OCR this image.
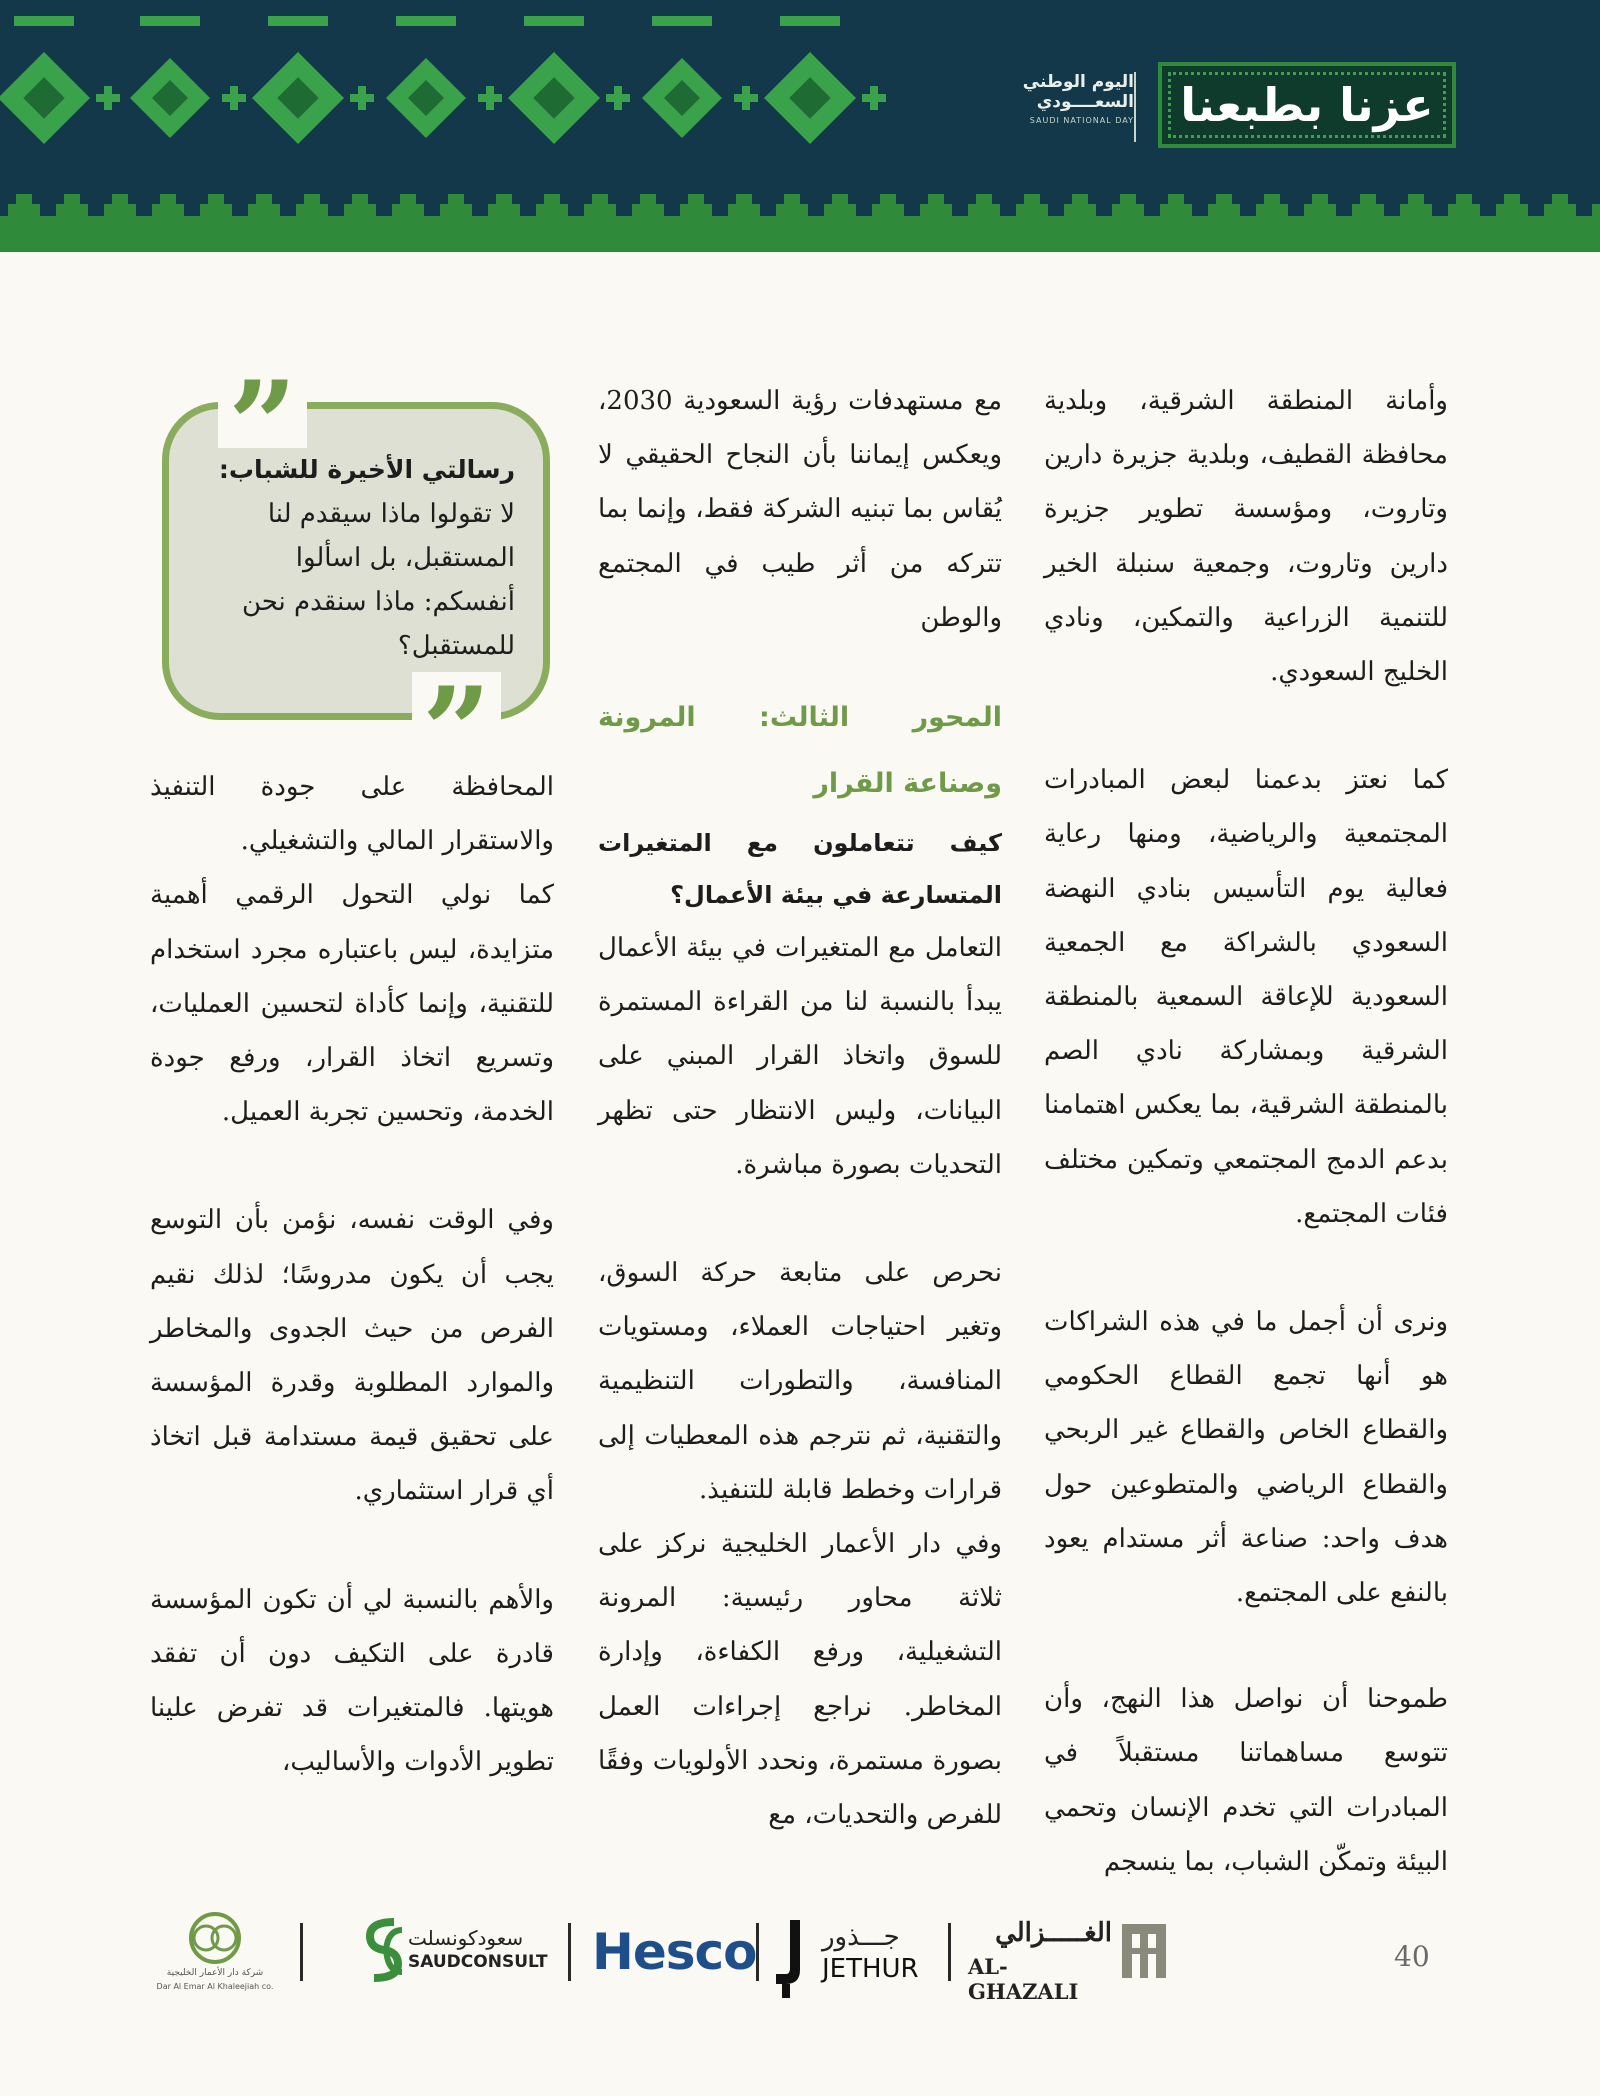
اليوم الوطني
السعــــودي
SAUDI NATIONAL DAY عزنا بطبعنا

وأمانة المنطقة الشرقية، وبلدية محافظة القطيف، وبلدية جزيرة دارين وتاروت، ومؤسسة تطوير جزيرة دارين وتاروت، وجمعية سنبلة الخير للتنمية الزراعية والتمكين، ونادي الخليج السعودي.

كما نعتز بدعمنا لبعض المبادرات المجتمعية والرياضية، ومنها رعاية فعالية يوم التأسيس بنادي النهضة السعودي بالشراكة مع الجمعية السعودية للإعاقة السمعية بالمنطقة الشرقية وبمشاركة نادي الصم بالمنطقة الشرقية، بما يعكس اهتمامنا بدعم الدمج المجتمعي وتمكين مختلف فئات المجتمع.

ونرى أن أجمل ما في هذه الشراكات هو أنها تجمع القطاع الحكومي والقطاع الخاص والقطاع غير الربحي والقطاع الرياضي والمتطوعين حول هدف واحد: صناعة أثر مستدام يعود بالنفع على المجتمع.

طموحنا أن نواصل هذا النهج، وأن تتوسع مساهماتنا مستقبلاً في المبادرات التي تخدم الإنسان وتحمي البيئة وتمكّن الشباب، بما ينسجم

مع مستهدفات رؤية السعودية 2030، ويعكس إيماننا بأن النجاح الحقيقي لا يُقاس بما تبنيه الشركة فقط، وإنما بما تتركه من أثر طيب في المجتمع والوطن

المحور الثالث: المرونة وصناعة القرار

كيف تتعاملون مع المتغيرات المتسارعة في بيئة الأعمال؟

التعامل مع المتغيرات في بيئة الأعمال يبدأ بالنسبة لنا من القراءة المستمرة للسوق واتخاذ القرار المبني على البيانات، وليس الانتظار حتى تظهر التحديات بصورة مباشرة.

نحرص على متابعة حركة السوق، وتغير احتياجات العملاء، ومستويات المنافسة، والتطورات التنظيمية والتقنية، ثم نترجم هذه المعطيات إلى قرارات وخطط قابلة للتنفيذ.

وفي دار الأعمار الخليجية نركز على ثلاثة محاور رئيسية: المرونة التشغيلية، ورفع الكفاءة، وإدارة المخاطر. نراجع إجراءات العمل بصورة مستمرة، ونحدد الأولويات وفقًا للفرص والتحديات، مع

”
”
رسالتي الأخيرة للشباب:
لا تقولوا ماذا سيقدم لنا المستقبل، بل اسألوا أنفسكم: ماذا سنقدم نحن للمستقبل؟

المحافظة على جودة التنفيذ والاستقرار المالي والتشغيلي.

كما نولي التحول الرقمي أهمية متزايدة، ليس باعتباره مجرد استخدام للتقنية، وإنما كأداة لتحسين العمليات، وتسريع اتخاذ القرار، ورفع جودة الخدمة، وتحسين تجربة العميل.

وفي الوقت نفسه، نؤمن بأن التوسع يجب أن يكون مدروسًا؛ لذلك نقيم الفرص من حيث الجدوى والمخاطر والموارد المطلوبة وقدرة المؤسسة على تحقيق قيمة مستدامة قبل اتخاذ أي قرار استثماري.

والأهم بالنسبة لي أن تكون المؤسسة قادرة على التكيف دون أن تفقد هويتها. فالمتغيرات قد تفرض علينا تطوير الأدوات والأساليب،

40
الغـــــزالي
AL-GHAZALI
جـــذور
JETHUR
Hesco
سعودكونسلت
SAUDCONSULT
شركة دار الأعمار الخليجية
Dar Al Emar Al Khaleejiah co.
